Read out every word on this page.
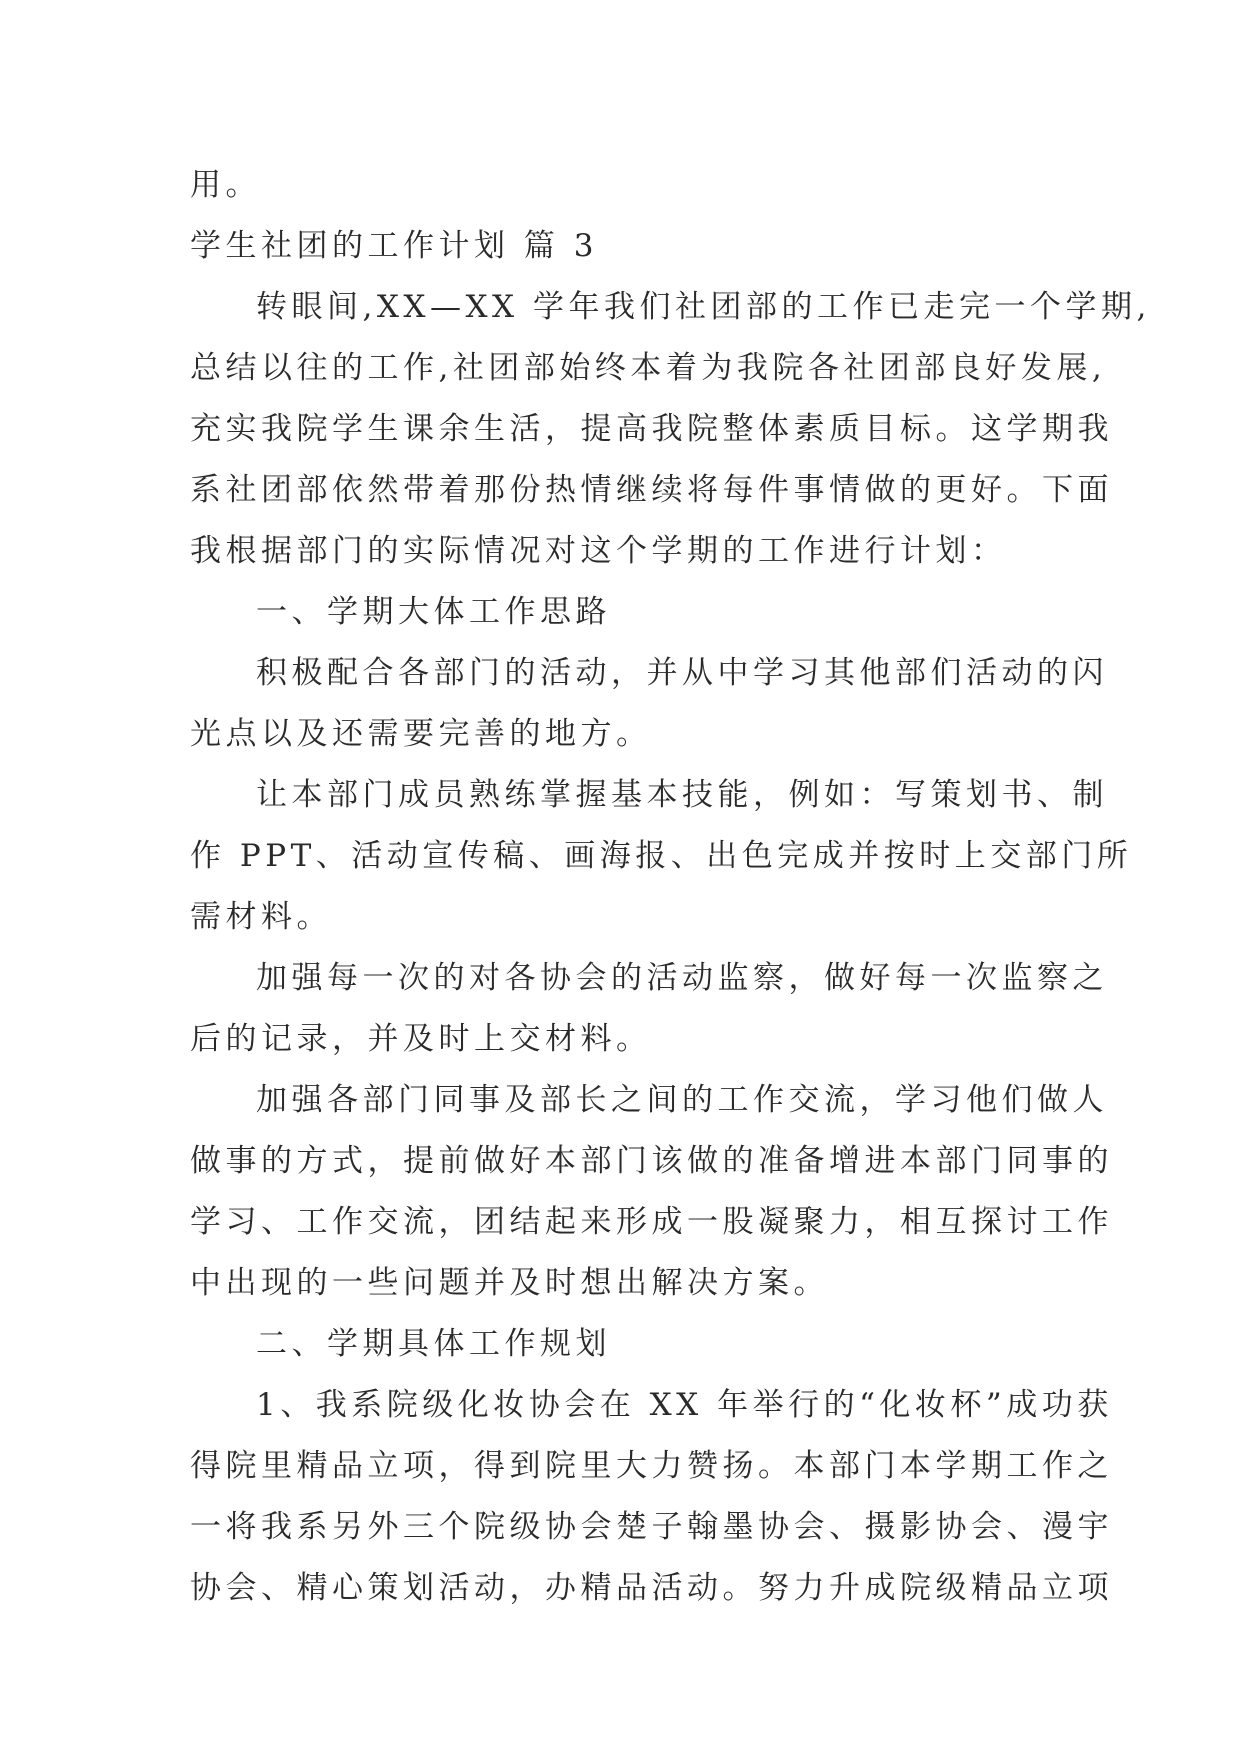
用。
学生社团的工作计划 篇 3
转眼间,XX—XX 学年我们社团部的工作已走完一个学期,
总结以往的工作,社团部始终本着为我院各社团部良好发展,
充实我院学生课余生活，提高我院整体素质目标。这学期我
系社团部依然带着那份热情继续将每件事情做的更好。下面
我根据部门的实际情况对这个学期的工作进行计划：
一、学期大体工作思路
积极配合各部门的活动，并从中学习其他部们活动的闪
光点以及还需要完善的地方。
让本部门成员熟练掌握基本技能，例如：写策划书、制
作 PPT、活动宣传稿、画海报、出色完成并按时上交部门所
需材料。
加强每一次的对各协会的活动监察，做好每一次监察之
后的记录，并及时上交材料。
加强各部门同事及部长之间的工作交流，学习他们做人
做事的方式，提前做好本部门该做的准备增进本部门同事的
学习、工作交流，团结起来形成一股凝聚力，相互探讨工作
中出现的一些问题并及时想出解决方案。
二、学期具体工作规划
1、我系院级化妆协会在 XX 年举行的“化妆杯”成功获
得院里精品立项，得到院里大力赞扬。本部门本学期工作之
一将我系另外三个院级协会楚子翰墨协会、摄影协会、漫宇
协会、精心策划活动，办精品活动。努力升成院级精品立项
